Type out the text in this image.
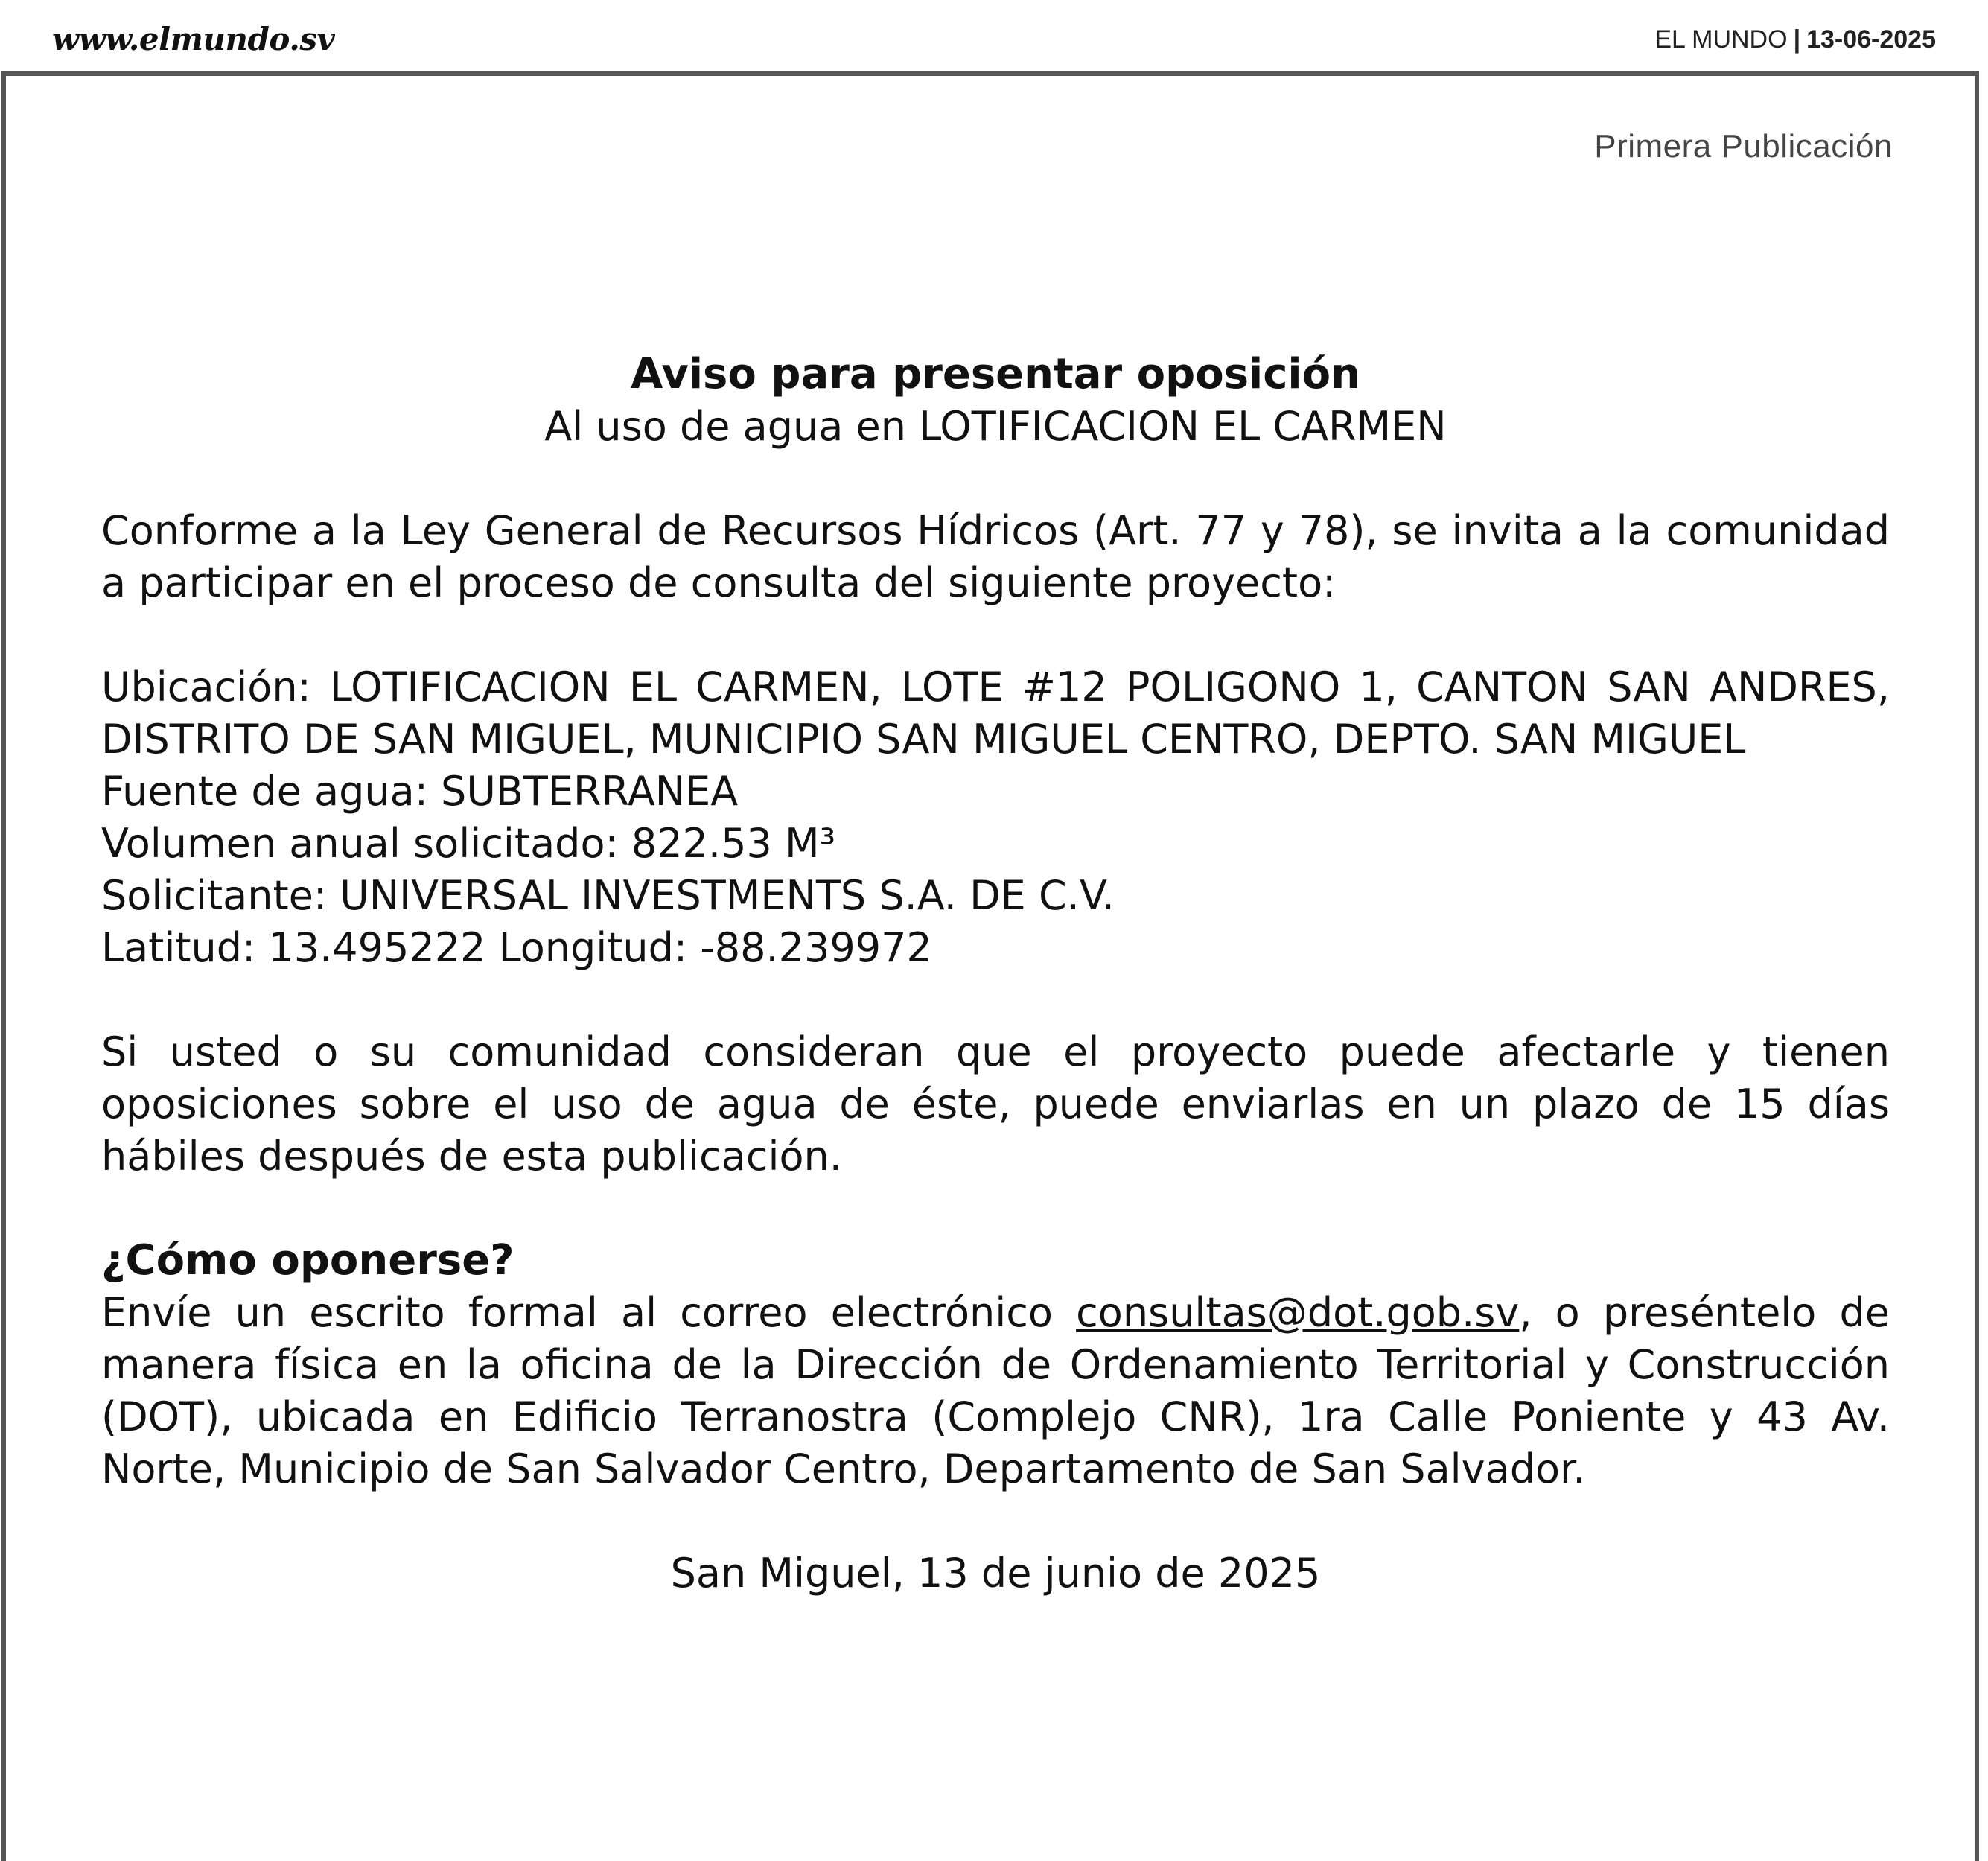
www.elmundo.sv	EL MUNDO | 13-06-2025
Primera Publicación

Aviso para presentar oposición

Al uso de agua en LOTIFICACION EL CARMEN

Conforme a la Ley General de Recursos Hídricos (Art. 77 y 78), se invita a la comunidad a participar en el proceso de consulta del siguiente proyecto:

Ubicación: LOTIFICACION EL CARMEN, LOTE #12 POLIGONO 1, CANTON SAN ANDRES, DISTRITO DE SAN MIGUEL, MUNICIPIO SAN MIGUEL CENTRO, DEPTO. SAN MIGUEL

Fuente de agua: SUBTERRANEA

Volumen anual solicitado: 822.53 M³

Solicitante: UNIVERSAL INVESTMENTS S.A. DE C.V.

Latitud: 13.495222 Longitud: -88.239972

Si usted o su comunidad consideran que el proyecto puede afectarle y tienen oposiciones sobre el uso de agua de éste, puede enviarlas en un plazo de 15 días hábiles después de esta publicación.

¿Cómo oponerse?

Envíe un escrito formal al correo electrónico consultas@dot.gob.sv, o preséntelo de manera física en la oficina de la Dirección de Ordenamiento Territorial y Construcción (DOT), ubicada en Edificio Terranostra (Complejo CNR), 1ra Calle Poniente y 43 Av. Norte, Municipio de San Salvador Centro, Departamento de San Salvador.

San Miguel, 13 de junio de 2025
